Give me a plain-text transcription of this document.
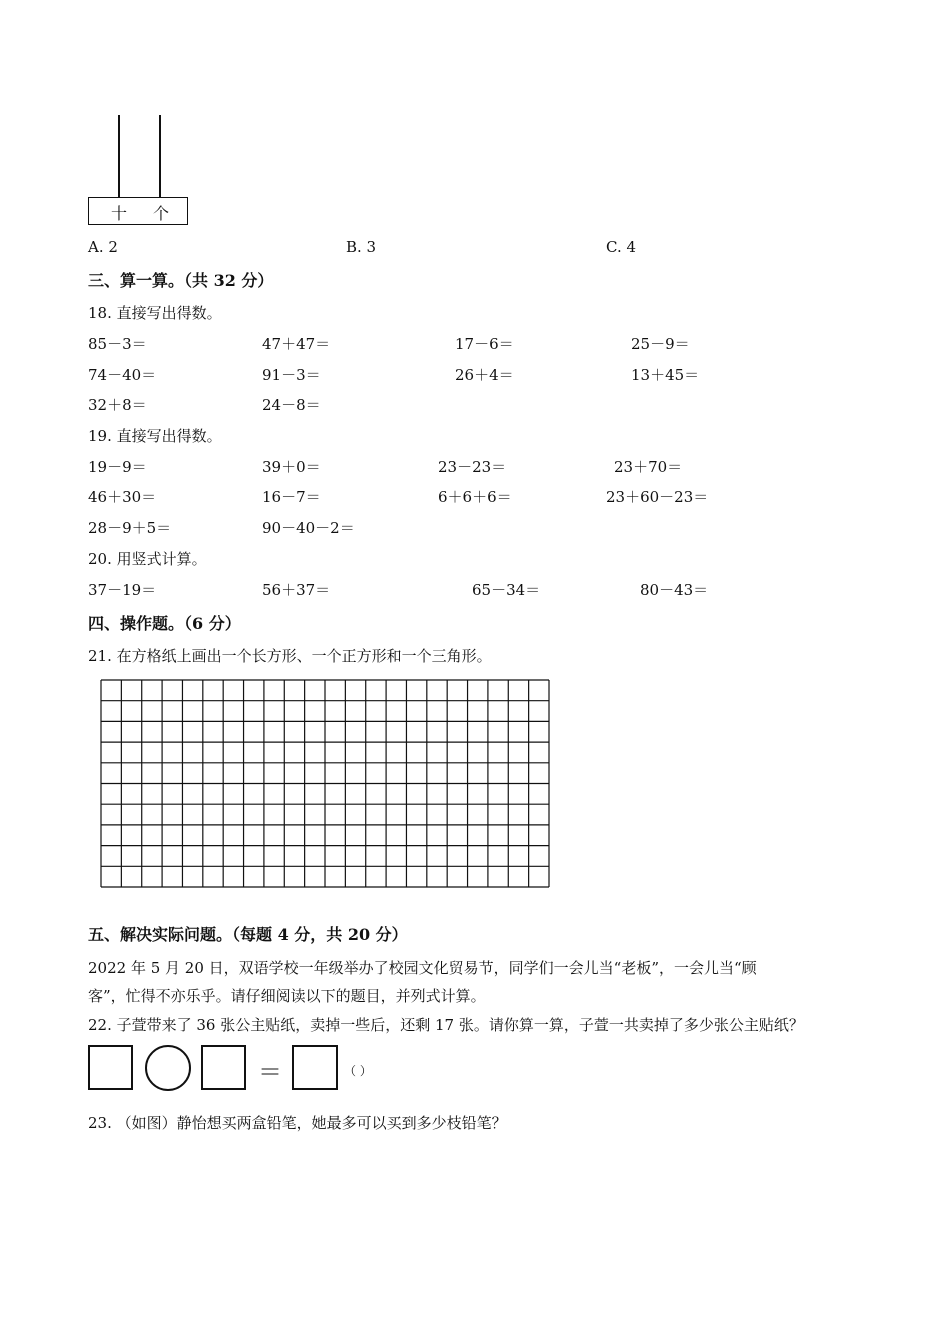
十 个
A. 2	B. 3	C. 4
三、算一算。（共 32 分）
18. 直接写出得数。
85－3＝	47＋47＝	17－6＝	25－9＝
74－40＝	91－3＝	26＋4＝	13＋45＝
32＋8＝	24－8＝
19. 直接写出得数。
19－9＝	39＋0＝	23－23＝	23＋70＝
46＋30＝	16－7＝	6＋6＋6＝	23＋60－23＝
28－9＋5＝	90－40－2＝
20. 用竖式计算。
37－19＝	56＋37＝	65－34＝	80－43＝
四、操作题。（6 分）
21. 在方格纸上画出一个长方形、一个正方形和一个三角形。
五、解决实际问题。（每题 4 分，共 20 分）
2022 年 5 月 20 日，双语学校一年级举办了校园文化贸易节，同学们一会儿当“老板”，一会儿当“顾
客”，忙得不亦乐乎。请仔细阅读以下的题目，并列式计算。
22. 子萱带来了 36 张公主贴纸，卖掉一些后，还剩 17 张。请你算一算，子萱一共卖掉了多少张公主贴纸？
＝	（ ）
23. （如图）静怡想买两盒铅笔，她最多可以买到多少枝铅笔？
